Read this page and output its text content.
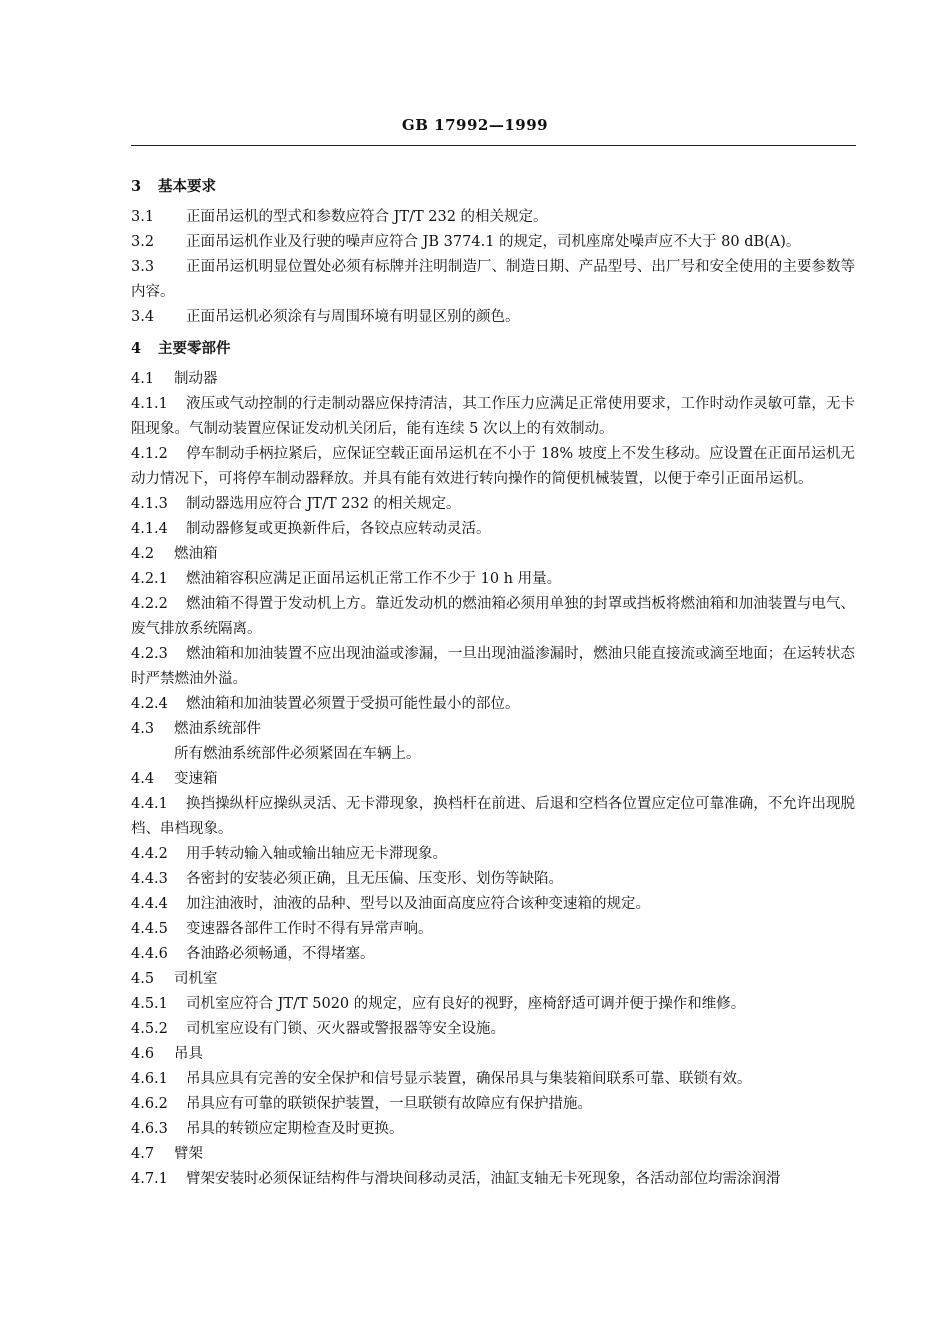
GB 17992—1999
3 基本要求
3.1 正面吊运机的型式和参数应符合 JT/T 232 的相关规定。
3.2 正面吊运机作业及行驶的噪声应符合 JB 3774.1 的规定，司机座席处噪声应不大于 80 dB(A)。
3.3 正面吊运机明显位置处必须有标牌并注明制造厂、制造日期、产品型号、出厂号和安全使用的主要参数等内容。
3.4 正面吊运机必须涂有与周围环境有明显区别的颜色。
4 主要零部件
4.1 制动器
4.1.1 液压或气动控制的行走制动器应保持清洁，其工作压力应满足正常使用要求，工作时动作灵敏可靠，无卡阻现象。气制动装置应保证发动机关闭后，能有连续 5 次以上的有效制动。
4.1.2 停车制动手柄拉紧后，应保证空载正面吊运机在不小于 18% 坡度上不发生移动。应设置在正面吊运机无动力情况下，可将停车制动器释放。并具有能有效进行转向操作的简便机械装置，以便于牵引正面吊运机。
4.1.3 制动器选用应符合 JT/T 232 的相关规定。
4.1.4 制动器修复或更换新件后，各铰点应转动灵活。
4.2 燃油箱
4.2.1 燃油箱容积应满足正面吊运机正常工作不少于 10 h 用量。
4.2.2 燃油箱不得置于发动机上方。靠近发动机的燃油箱必须用单独的封罩或挡板将燃油箱和加油装置与电气、废气排放系统隔离。
4.2.3 燃油箱和加油装置不应出现油溢或渗漏，一旦出现油溢渗漏时，燃油只能直接流或滴至地面；在运转状态时严禁燃油外溢。
4.2.4 燃油箱和加油装置必须置于受损可能性最小的部位。
4.3 燃油系统部件
所有燃油系统部件必须紧固在车辆上。
4.4 变速箱
4.4.1 换挡操纵杆应操纵灵活、无卡滞现象，换档杆在前进、后退和空档各位置应定位可靠准确，不允许出现脱档、串档现象。
4.4.2 用手转动输入轴或输出轴应无卡滞现象。
4.4.3 各密封的安装必须正确，且无压偏、压变形、划伤等缺陷。
4.4.4 加注油液时，油液的品种、型号以及油面高度应符合该种变速箱的规定。
4.4.5 变速器各部件工作时不得有异常声响。
4.4.6 各油路必须畅通，不得堵塞。
4.5 司机室
4.5.1 司机室应符合 JT/T 5020 的规定，应有良好的视野，座椅舒适可调并便于操作和维修。
4.5.2 司机室应设有门锁、灭火器或警报器等安全设施。
4.6 吊具
4.6.1 吊具应具有完善的安全保护和信号显示装置，确保吊具与集装箱间联系可靠、联锁有效。
4.6.2 吊具应有可靠的联锁保护装置，一旦联锁有故障应有保护措施。
4.6.3 吊具的转锁应定期检查及时更换。
4.7 臂架
4.7.1 臂架安装时必须保证结构件与滑块间移动灵活，油缸支轴无卡死现象，各活动部位均需涂润滑
